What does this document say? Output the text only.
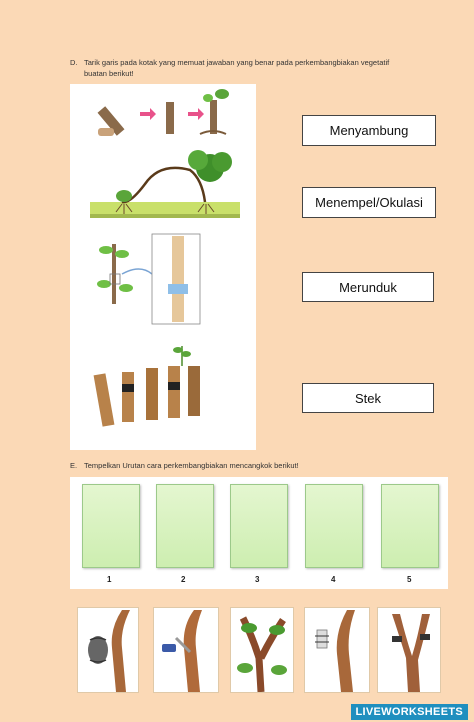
D. Tarik garis pada kotak yang memuat jawaban yang benar pada perkembangbiakan vegetatif
buatan berikut!
Menyambung
Menempel/Okulasi
Merunduk
Stek
E. Tempelkan Urutan cara perkembangbiakan mencangkok berikut!
1	2	3	4	5
LIVEWORKSHEETS
